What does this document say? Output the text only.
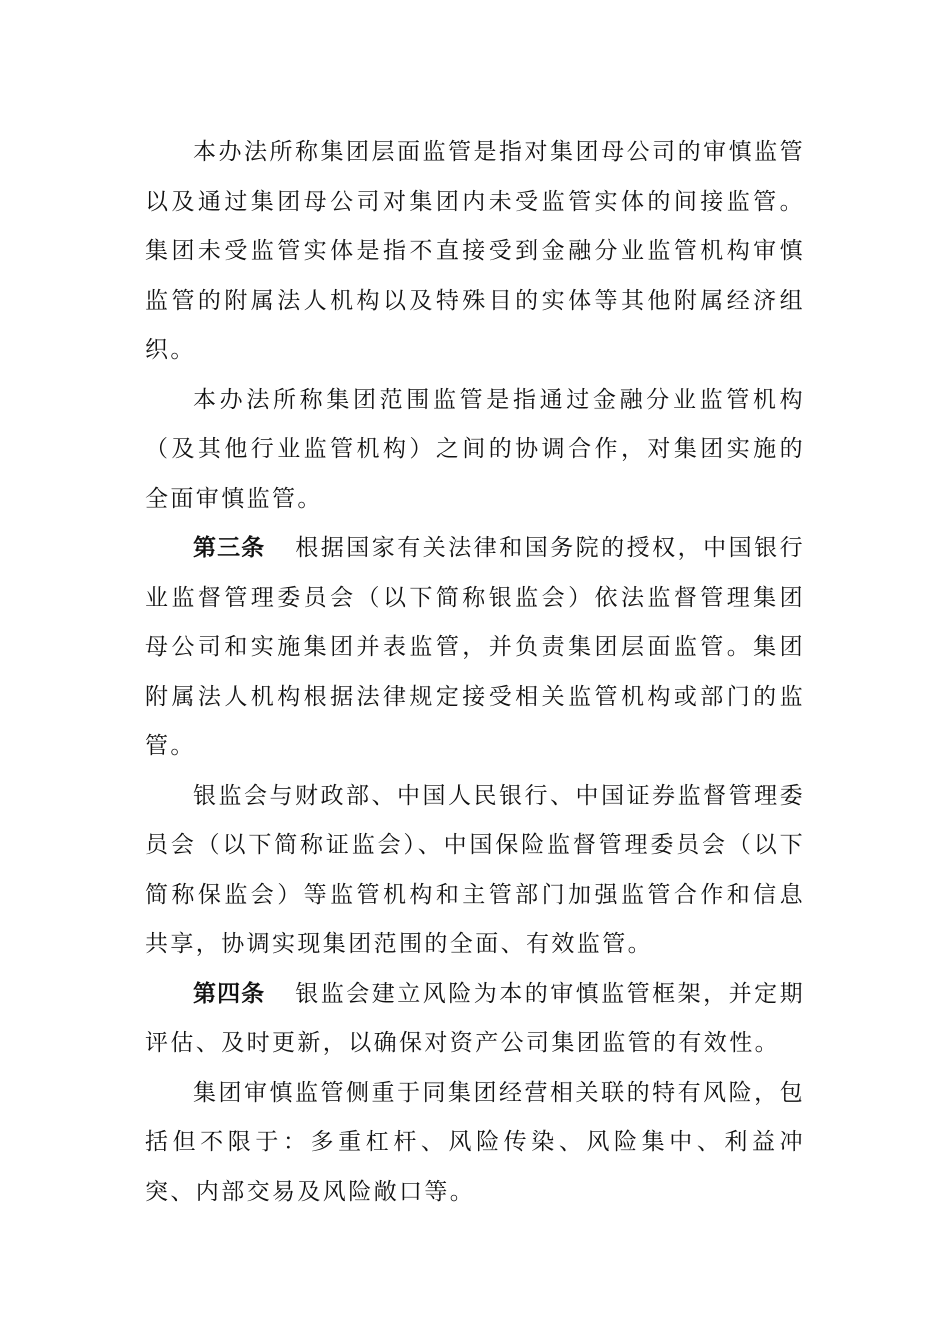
本办法所称集团层面监管是指对集团母公司的审慎监管以及通过集团母公司对集团内未受监管实体的间接监管。集团未受监管实体是指不直接受到金融分业监管机构审慎监管的附属法人机构以及特殊目的实体等其他附属经济组织。

本办法所称集团范围监管是指通过金融分业监管机构（及其他行业监管机构）之间的协调合作，对集团实施的全面审慎监管。

第三条 根据国家有关法律和国务院的授权，中国银行业监督管理委员会（以下简称银监会）依法监督管理集团母公司和实施集团并表监管，并负责集团层面监管。集团附属法人机构根据法律规定接受相关监管机构或部门的监管。

银监会与财政部、中国人民银行、中国证券监督管理委员会（以下简称证监会）、中国保险监督管理委员会（以下简称保监会）等监管机构和主管部门加强监管合作和信息共享，协调实现集团范围的全面、有效监管。

第四条 银监会建立风险为本的审慎监管框架，并定期评估、及时更新，以确保对资产公司集团监管的有效性。

集团审慎监管侧重于同集团经营相关联的特有风险，包括但不限于：多重杠杆、风险传染、风险集中、利益冲突、内部交易及风险敞口等。
